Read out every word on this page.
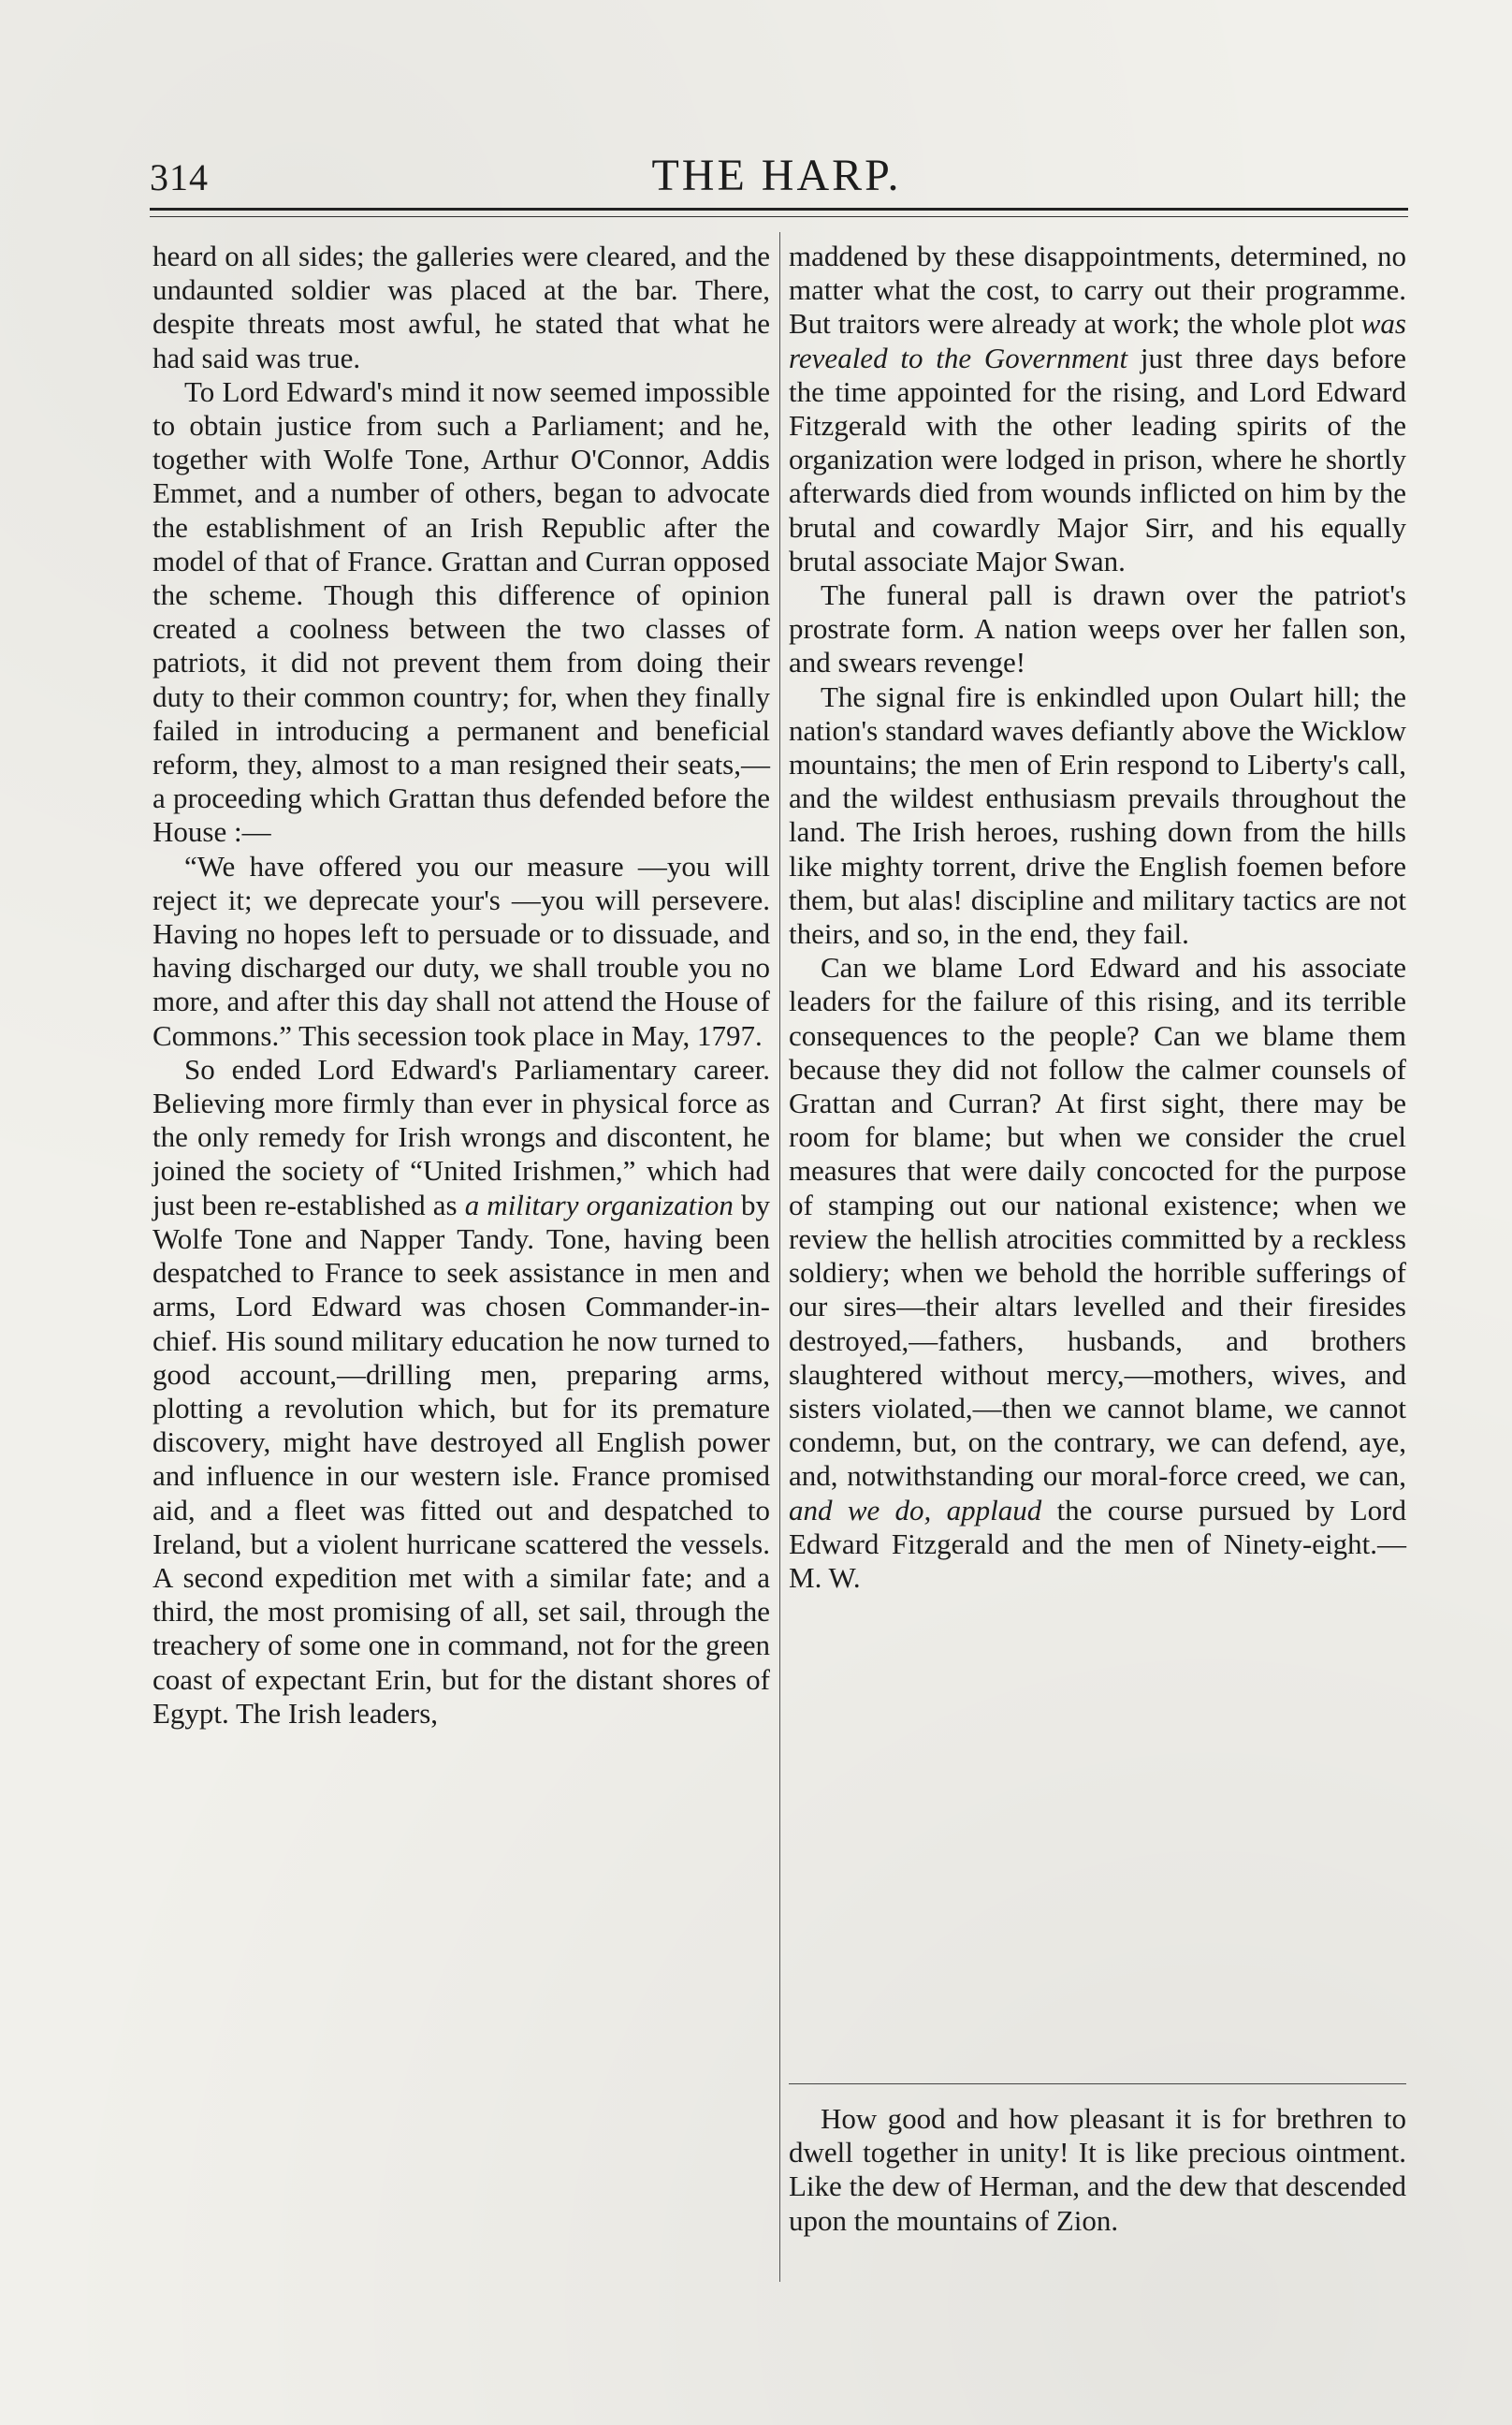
314	THE HARP.

heard on all sides; the galleries were cleared, and the undaunted soldier was placed at the bar. There, despite threats most awful, he stated that what he had said was true.

To Lord Edward's mind it now seemed impossible to obtain justice from such a Parliament; and he, together with Wolfe Tone, Arthur O'Connor, Addis Emmet, and a number of others, began to advocate the establishment of an Irish Republic after the model of that of France. Grattan and Curran opposed the scheme. Though this difference of opinion created a coolness between the two classes of patriots, it did not prevent them from doing their duty to their common country; for, when they finally failed in introducing a permanent and beneficial reform, they, almost to a man resigned their seats,—a proceeding which Grattan thus defended before the House :—

“We have offered you our measure —you will reject it; we deprecate your's —you will persevere. Having no hopes left to persuade or to dissuade, and having discharged our duty, we shall trouble you no more, and after this day shall not attend the House of Commons.” This secession took place in May, 1797.

So ended Lord Edward's Parliamentary career. Believing more firmly than ever in physical force as the only remedy for Irish wrongs and discontent, he joined the society of “United Irishmen,” which had just been re-established as a military organization by Wolfe Tone and Napper Tandy. Tone, having been despatched to France to seek assistance in men and arms, Lord Edward was chosen Commander-in-chief. His sound military education he now turned to good account,—drilling men, preparing arms, plotting a revolution which, but for its premature discovery, might have destroyed all English power and influence in our western isle. France promised aid, and a fleet was fitted out and despatched to Ireland, but a violent hurricane scattered the vessels. A second expedition met with a similar fate; and a third, the most promising of all, set sail, through the treachery of some one in command, not for the green coast of expectant Erin, but for the distant shores of Egypt. The Irish leaders,

maddened by these disappointments, determined, no matter what the cost, to carry out their programme. But traitors were already at work; the whole plot was revealed to the Government just three days before the time appointed for the rising, and Lord Edward Fitzgerald with the other leading spirits of the organization were lodged in prison, where he shortly afterwards died from wounds inflicted on him by the brutal and cowardly Major Sirr, and his equally brutal associate Major Swan.

The funeral pall is drawn over the patriot's prostrate form. A nation weeps over her fallen son, and swears revenge!

The signal fire is enkindled upon Oulart hill; the nation's standard waves defiantly above the Wicklow mountains; the men of Erin respond to Liberty's call, and the wildest enthusiasm prevails throughout the land. The Irish heroes, rushing down from the hills like mighty torrent, drive the English foemen before them, but alas! discipline and military tactics are not theirs, and so, in the end, they fail.

Can we blame Lord Edward and his associate leaders for the failure of this rising, and its terrible consequences to the people? Can we blame them because they did not follow the calmer counsels of Grattan and Curran? At first sight, there may be room for blame; but when we consider the cruel measures that were daily concocted for the purpose of stamping out our national existence; when we review the hellish atrocities committed by a reckless soldiery; when we behold the horrible sufferings of our sires—their altars levelled and their firesides destroyed,—fathers, husbands, and brothers slaughtered without mercy,—mothers, wives, and sisters violated,—then we cannot blame, we cannot condemn, but, on the contrary, we can defend, aye, and, notwithstanding our moral-force creed, we can, and we do, applaud the course pursued by Lord Edward Fitzgerald and the men of Ninety-eight.—M. W.

How good and how pleasant it is for brethren to dwell together in unity! It is like precious ointment. Like the dew of Herman, and the dew that descended upon the mountains of Zion.
